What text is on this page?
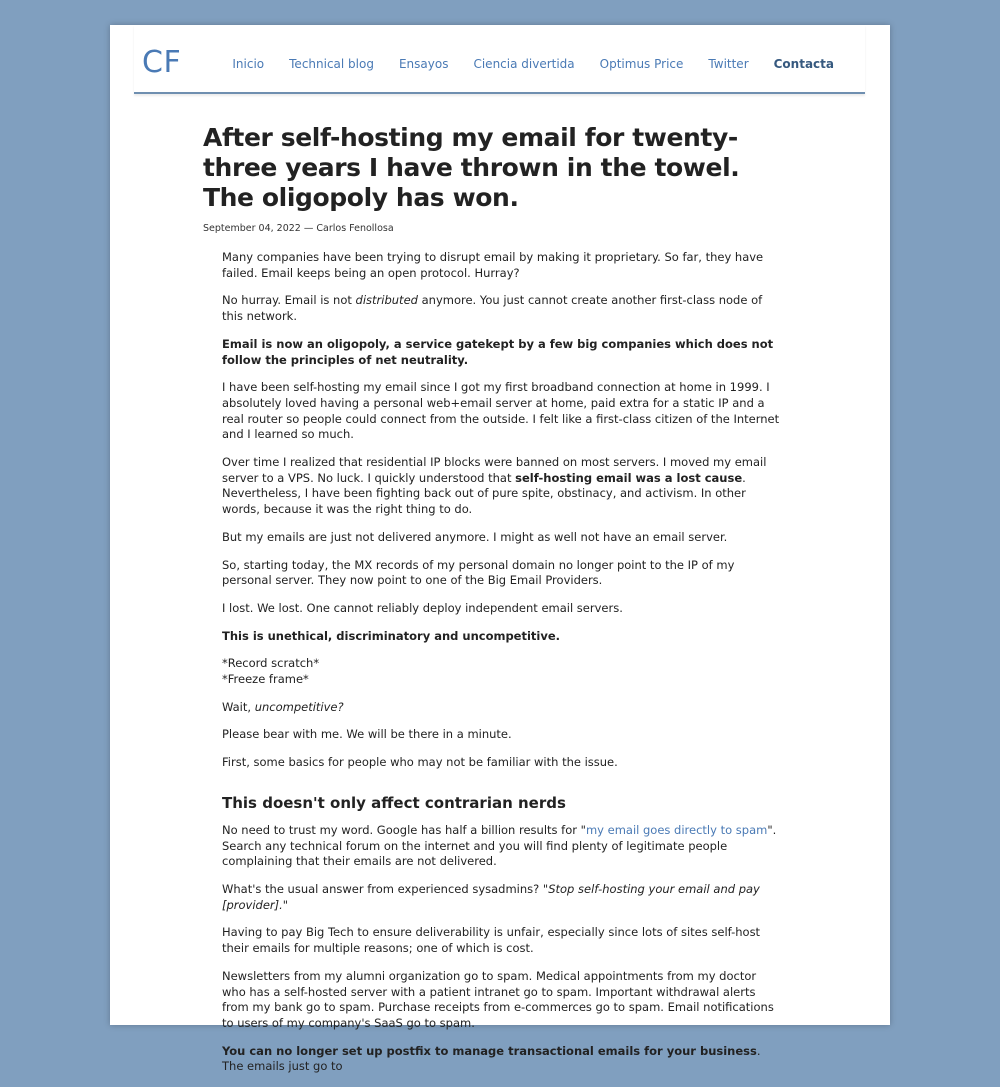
CF	Inicio Technical blog Ensayos Ciencia divertida Optimus Price Twitter Contacta
After self-hosting my email for twenty-three years I have thrown in the towel. The oligopoly has won.
September 04, 2022 — Carlos Fenollosa

Many companies have been trying to disrupt email by making it proprietary. So far, they have failed. Email keeps being an open protocol. Hurray?

No hurray. Email is not distributed anymore. You just cannot create another first-class node of this network.

Email is now an oligopoly, a service gatekept by a few big companies which does not follow the principles of net neutrality.

I have been self-hosting my email since I got my first broadband connection at home in 1999. I absolutely loved having a personal web+email server at home, paid extra for a static IP and a real router so people could connect from the outside. I felt like a first-class citizen of the Internet and I learned so much.

Over time I realized that residential IP blocks were banned on most servers. I moved my email server to a VPS. No luck. I quickly understood that self-hosting email was a lost cause. Nevertheless, I have been fighting back out of pure spite, obstinacy, and activism. In other words, because it was the right thing to do.

But my emails are just not delivered anymore. I might as well not have an email server.

So, starting today, the MX records of my personal domain no longer point to the IP of my personal server. They now point to one of the Big Email Providers.

I lost. We lost. One cannot reliably deploy independent email servers.

This is unethical, discriminatory and uncompetitive.

*Record scratch*
*Freeze frame*

Wait, uncompetitive?

Please bear with me. We will be there in a minute.

First, some basics for people who may not be familiar with the issue.

This doesn't only affect contrarian nerds

No need to trust my word. Google has half a billion results for "my email goes directly to spam". Search any technical forum on the internet and you will find plenty of legitimate people complaining that their emails are not delivered.

What's the usual answer from experienced sysadmins? "Stop self-hosting your email and pay [provider]."

Having to pay Big Tech to ensure deliverability is unfair, especially since lots of sites self-host their emails for multiple reasons; one of which is cost.

Newsletters from my alumni organization go to spam. Medical appointments from my doctor who has a self-hosted server with a patient intranet go to spam. Important withdrawal alerts from my bank go to spam. Purchase receipts from e-commerces go to spam. Email notifications to users of my company's SaaS go to spam.

You can no longer set up postfix to manage transactional emails for your business. The emails just go to
